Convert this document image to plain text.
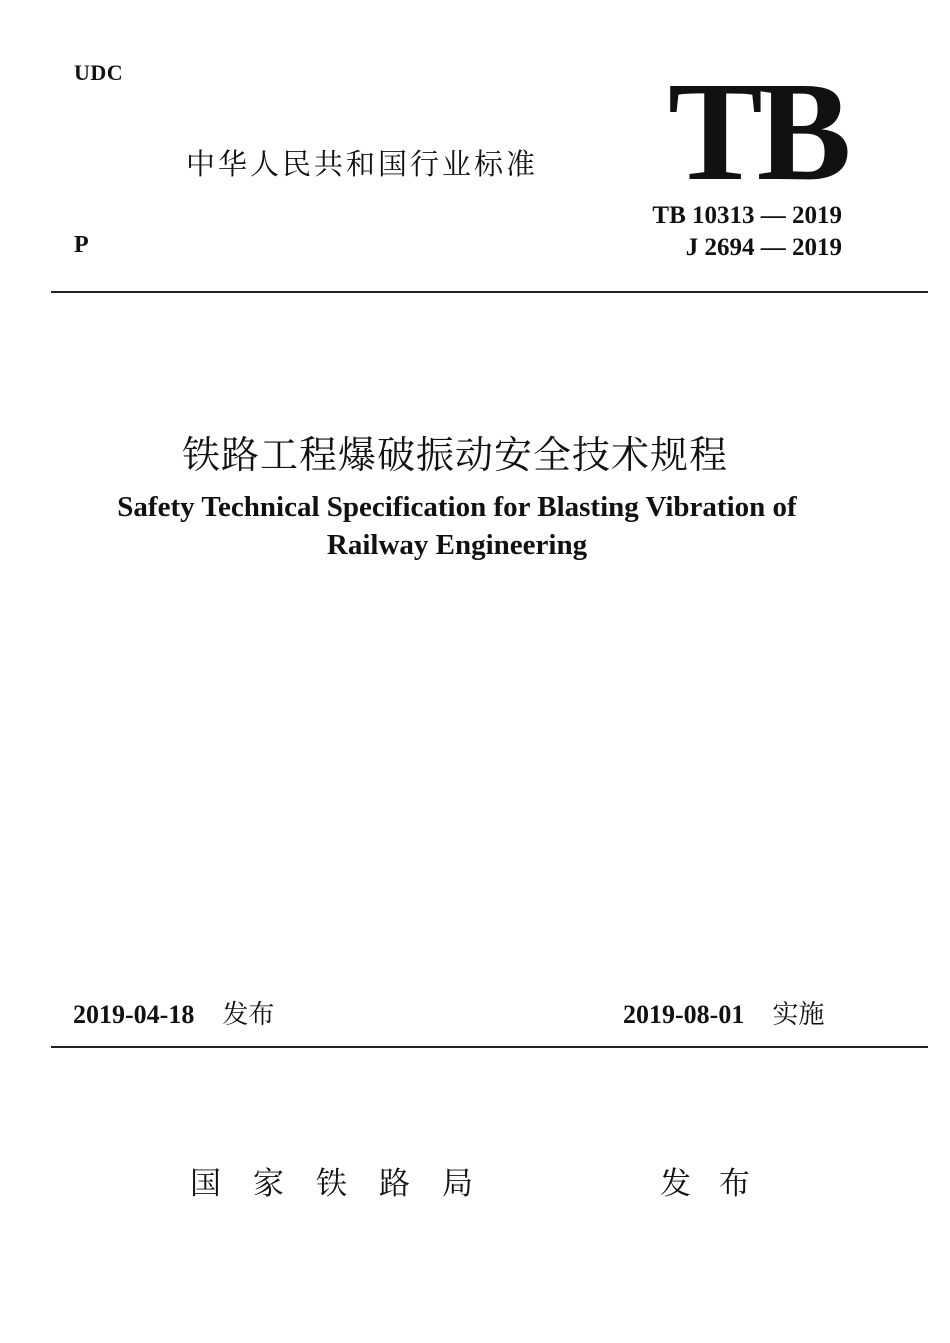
UDC
中华人民共和国行业标准 TB
P
TB 10313 — 2019
J 2694 — 2019
铁路工程爆破振动安全技术规程
Safety Technical Specification for Blasting Vibration of
Railway Engineering
2019-04-18 发布	2019-08-01 实施
国家铁路局	发布
